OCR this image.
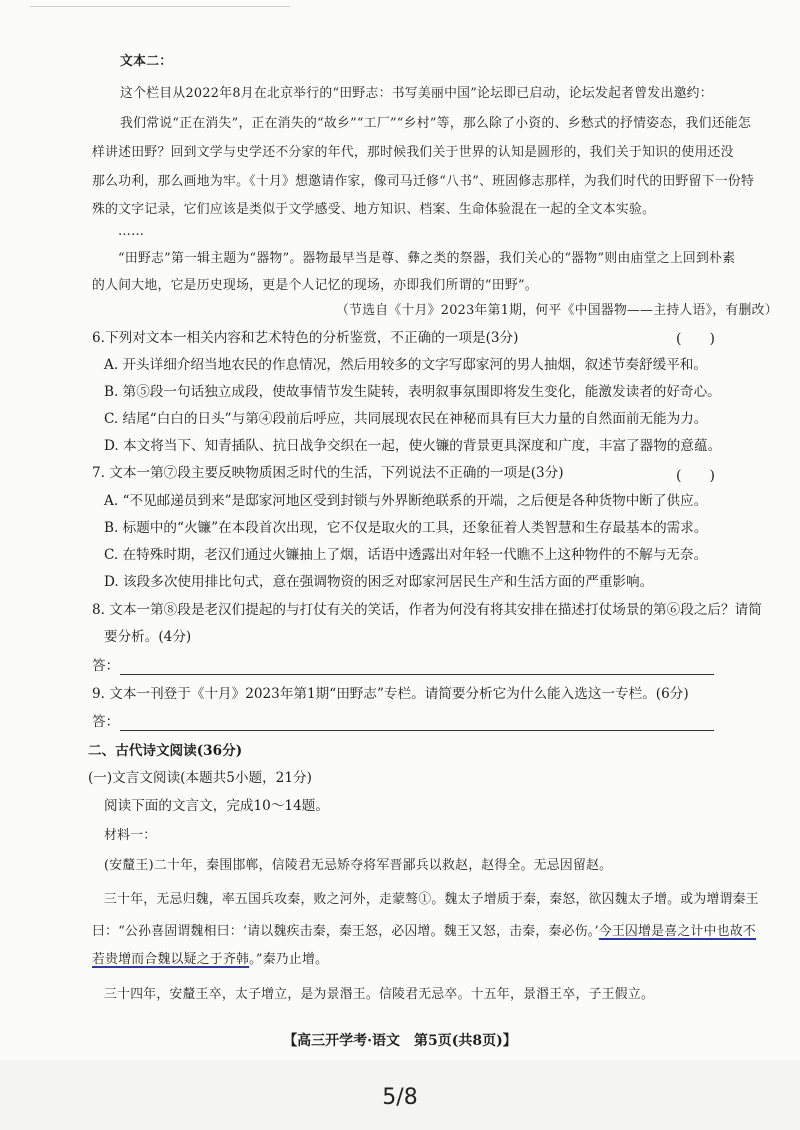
文本二：
这个栏目从2022年8月在北京举行的“田野志：书写美丽中国”论坛即已启动，论坛发起者曾发出邀约：
我们常说“正在消失”，正在消失的“故乡”“工厂”“乡村”等，那么除了小资的、乡愁式的抒情姿态，我们还能怎
样讲述田野？回到文学与史学还不分家的年代，那时候我们关于世界的认知是圆形的，我们关于知识的使用还没
那么功利，那么画地为牢。《十月》想邀请作家，像司马迁修“八书”、班固修志那样，为我们时代的田野留下一份特
殊的文字记录，它们应该是类似于文学感受、地方知识、档案、生命体验混在一起的全文本实验。
……
“田野志”第一辑主题为“器物”。器物最早当是尊、彝之类的祭器，我们关心的“器物”则由庙堂之上回到朴素
的人间大地，它是历史现场，更是个人记忆的现场，亦即我们所谓的“田野”。
（节选自《十月》2023年第1期，何平《中国器物——主持人语》，有删改）
6.下列对文本一相关内容和艺术特色的分析鉴赏，不正确的一项是(3分)	(　　)
A. 开头详细介绍当地农民的作息情况，然后用较多的文字写邸家河的男人抽烟，叙述节奏舒缓平和。
B. 第⑤段一句话独立成段，使故事情节发生陡转，表明叙事氛围即将发生变化，能激发读者的好奇心。
C. 结尾“白白的日头”与第④段前后呼应，共同展现农民在神秘而具有巨大力量的自然面前无能为力。
D. 本文将当下、知青插队、抗日战争交织在一起，使火镰的背景更具深度和广度，丰富了器物的意蕴。
7. 文本一第⑦段主要反映物质困乏时代的生活，下列说法不正确的一项是(3分)	(　　)
A. “不见邮递员到来”是邸家河地区受到封锁与外界断绝联系的开端，之后便是各种货物中断了供应。
B. 标题中的“火镰”在本段首次出现，它不仅是取火的工具，还象征着人类智慧和生存最基本的需求。
C. 在特殊时期，老汉们通过火镰抽上了烟，话语中透露出对年轻一代瞧不上这种物件的不解与无奈。
D. 该段多次使用排比句式，意在强调物资的困乏对邸家河居民生产和生活方面的严重影响。
8. 文本一第⑧段是老汉们提起的与打仗有关的笑话，作者为何没有将其安排在描述打仗场景的第⑥段之后？请简
要分析。(4分)
答：
9. 文本一刊登于《十月》2023年第1期“田野志”专栏。请简要分析它为什么能入选这一专栏。(6分)
答：
二、古代诗文阅读(36分)
(一)文言文阅读(本题共5小题，21分)
阅读下面的文言文，完成10～14题。
材料一：
(安釐王)二十年，秦围邯郸，信陵君无忌矫夺将军晋鄙兵以救赵，赵得全。无忌因留赵。
三十年，无忌归魏，率五国兵攻秦，败之河外，走蒙骜①。魏太子增质于秦，秦怒，欲囚魏太子增。或为增谓秦王
曰：“公孙喜固谓魏相曰：‘请以魏疾击秦，秦王怒，必囚增。魏王又怒，击秦，秦必伤。’今王囚增是喜之计中也故不
若贵增而合魏以疑之于齐韩。”秦乃止增。
三十四年，安釐王卒，太子增立，是为景湣王。信陵君无忌卒。十五年，景湣王卒，子王假立。
【高三开学考·语文　第5页(共8页)】
5/8
